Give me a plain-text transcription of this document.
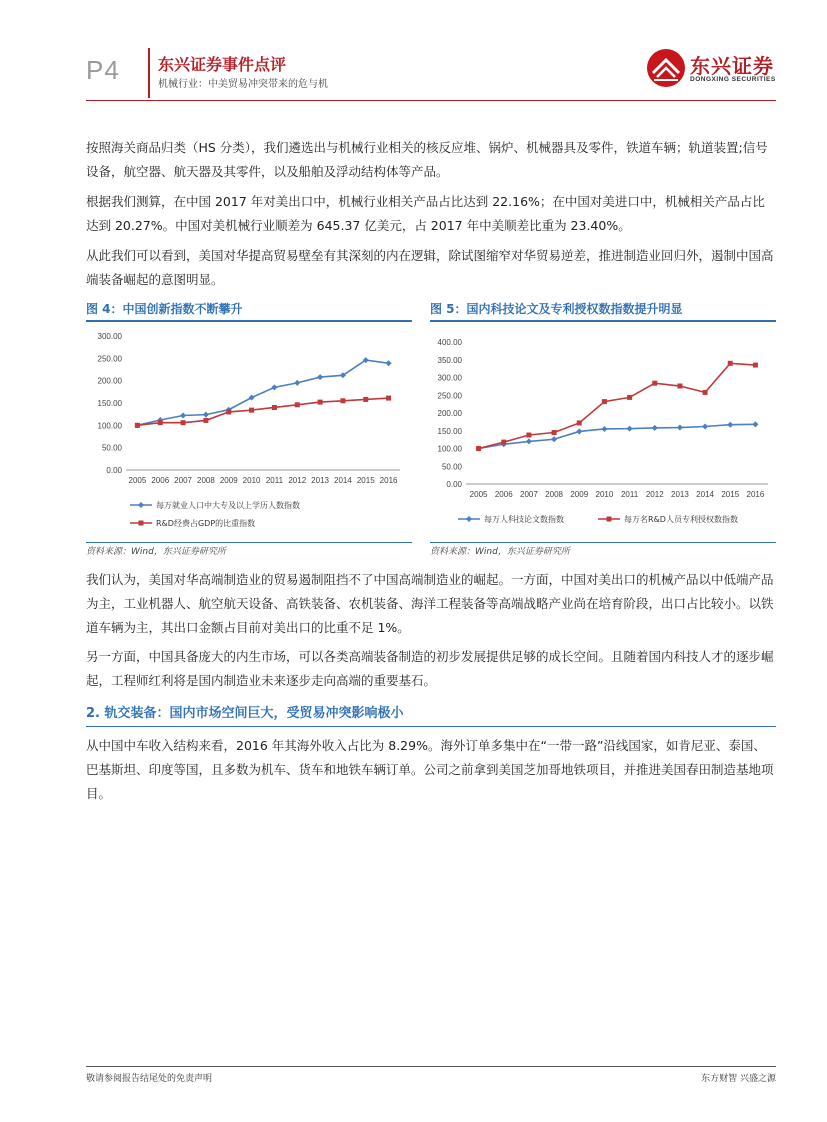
P4 东兴证券事件点评
机械行业：中美贸易冲突带来的危与机
东兴证券
DONGXING SECURITIES

按照海关商品归类（HS 分类），我们遴选出与机械行业相关的核反应堆、锅炉、机械器具及零件，铁道车辆；轨道装置;信号设备，航空器、航天器及其零件，以及船舶及浮动结构体等产品。

根据我们测算，在中国 2017 年对美出口中，机械行业相关产品占比达到 22.16%；在中国对美进口中，机械相关产品占比达到 20.27%。中国对美机械行业顺差为 645.37 亿美元，占 2017 年中美顺差比重为 23.40%。

从此我们可以看到，美国对华提高贸易壁垒有其深刻的内在逻辑，除试图缩窄对华贸易逆差，推进制造业回归外，遏制中国高端装备崛起的意图明显。

图 4：中国创新指数不断攀升
0.00
50.00
100.00
150.00
200.00
250.00
300.00
2005 2006 2007 2008 2009 2010 2011 2012 2013 2014 2015 2016
每万就业人口中大专及以上学历人数指数
R&D经费占GDP的比重指数
资料来源：Wind，东兴证券研究所
图 5：国内科技论文及专利授权数指数提升明显
0.00
50.00
100.00
150.00
200.00
250.00
300.00
350.00
400.00
2005 2006 2007 2008 2009 2010 2011 2012 2013 2014 2015 2016
每万人科技论文数指数	每万名R&D人员专利授权数指数
资料来源：Wind，东兴证券研究所

我们认为，美国对华高端制造业的贸易遏制阻挡不了中国高端制造业的崛起。一方面，中国对美出口的机械产品以中低端产品为主，工业机器人、航空航天设备、高铁装备、农机装备、海洋工程装备等高端战略产业尚在培育阶段，出口占比较小。以铁道车辆为主，其出口金额占目前对美出口的比重不足 1%。

另一方面，中国具备庞大的内生市场，可以各类高端装备制造的初步发展提供足够的成长空间。且随着国内科技人才的逐步崛起，工程师红利将是国内制造业未来逐步走向高端的重要基石。

2. 轨交装备：国内市场空间巨大，受贸易冲突影响极小

从中国中车收入结构来看，2016 年其海外收入占比为 8.29%。海外订单多集中在“一带一路”沿线国家，如肯尼亚、泰国、巴基斯坦、印度等国，且多数为机车、货车和地铁车辆订单。公司之前拿到美国芝加哥地铁项目，并推进美国春田制造基地项目。

敬请参阅报告结尾处的免责声明	东方财智 兴盛之源
